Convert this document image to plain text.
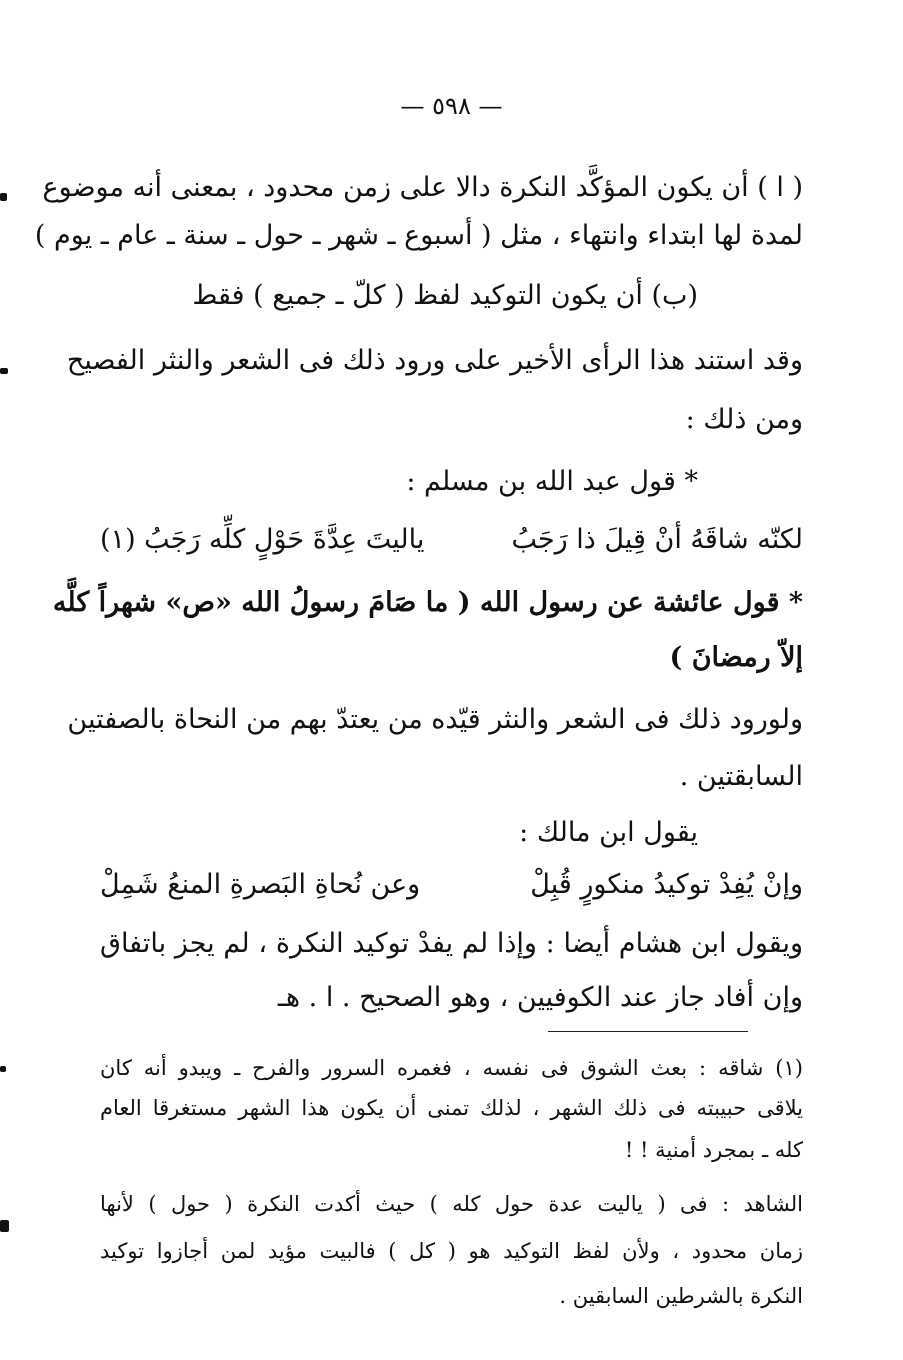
— ٥٩٨ —
( ا ) أن يكون المؤكَّد النكرة دالا على زمن محدود ، بمعنى أنه موضوع
لمدة لها ابتداء وانتهاء ، مثل ( أسبوع ـ شهر ـ حول ـ سنة ـ عام ـ يوم )
(ب) أن يكون التوكيد لفظ ( كلّ ـ جميع ) فقط
وقد استند هذا الرأى الأخير على ورود ذلك فى الشعر والنثر الفصيح
ومن ذلك :
* قول عبد الله بن مسلم :
لكنّه شاقَهُ أنْ قِيلَ ذا رَجَبُ
ياليتَ عِدَّةَ حَوْلٍ كلِّه رَجَبُ (١)
* قول عائشة عن رسول الله ( ما صَامَ رسولُ الله «ص» شهراً كلَّه
إلاّ رمضانَ )
ولورود ذلك فى الشعر والنثر قيّده من يعتدّ بهم من النحاة بالصفتين
السابقتين .
يقول ابن مالك :
وإنْ يُفِدْ توكيدُ منكورٍ قُبِلْ
وعن نُحاةِ البَصرةِ المنعُ شَمِلْ
ويقول ابن هشام أيضا : وإذا لم يفدْ توكيد النكرة ، لم يجز باتفاق
وإن أفاد جاز عند الكوفيين ، وهو الصحيح . ا . هـ
(١) شاقه : بعث الشوق فى نفسه ، فغمره السرور والفرح ـ ويبدو أنه كان
يلاقى حبيبته فى ذلك الشهر ، لذلك تمنى أن يكون هذا الشهر مستغرقا العام
كله ـ بمجرد أمنية ! !
الشاهد : فى ( ياليت عدة حول كله ) حيث أكدت النكرة ( حول ) لأنها
زمان محدود ، ولأن لفظ التوكيد هو ( كل ) فالبيت مؤيد لمن أجازوا توكيد
النكرة بالشرطين السابقين .
